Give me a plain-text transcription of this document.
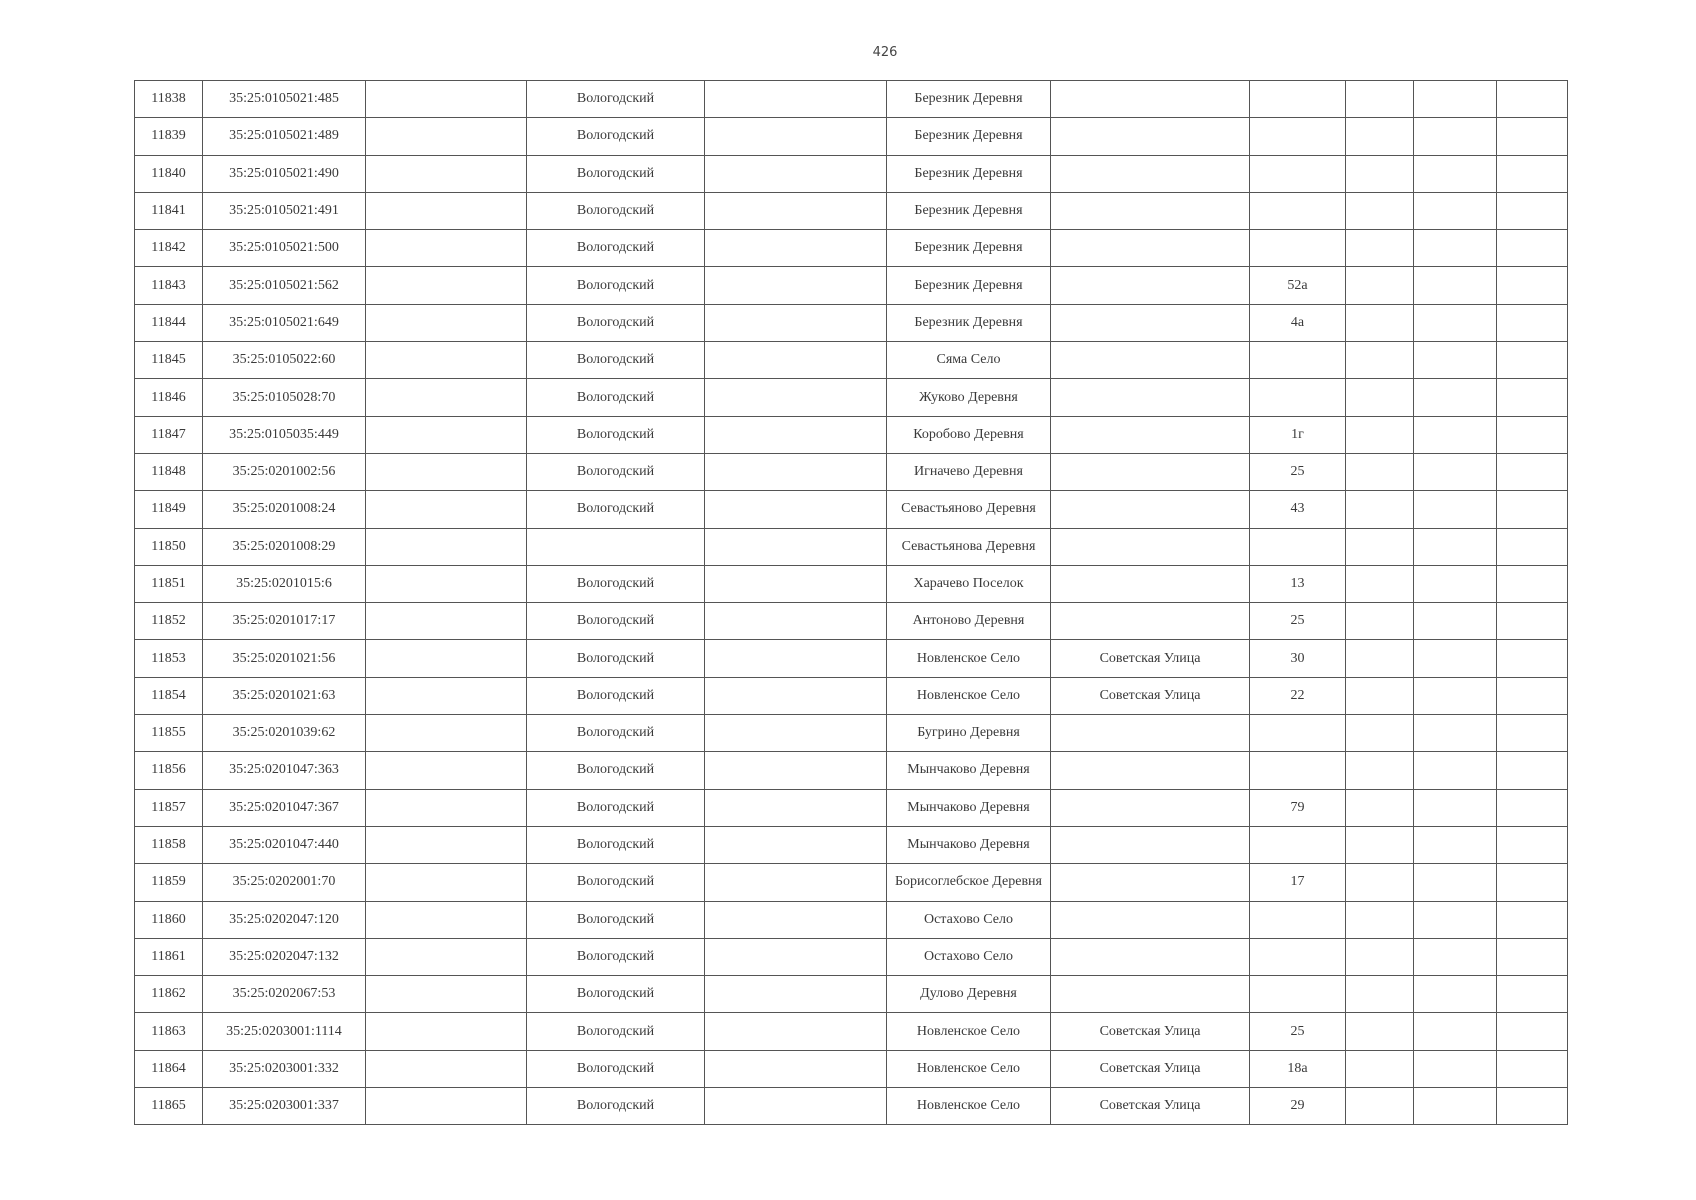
426
11838	35:25:0105021:485		Вологодский		Березник Деревня					
11839	35:25:0105021:489		Вологодский		Березник Деревня					
11840	35:25:0105021:490		Вологодский		Березник Деревня					
11841	35:25:0105021:491		Вологодский		Березник Деревня					
11842	35:25:0105021:500		Вологодский		Березник Деревня					
11843	35:25:0105021:562		Вологодский		Березник Деревня		52а			
11844	35:25:0105021:649		Вологодский		Березник Деревня		4а			
11845	35:25:0105022:60		Вологодский		Сяма Село					
11846	35:25:0105028:70		Вологодский		Жуково Деревня					
11847	35:25:0105035:449		Вологодский		Коробово Деревня		1г			
11848	35:25:0201002:56		Вологодский		Игначево Деревня		25			
11849	35:25:0201008:24		Вологодский		Севастьяново Деревня		43			
11850	35:25:0201008:29				Севастьянова Деревня					
11851	35:25:0201015:6		Вологодский		Харачево Поселок		13			
11852	35:25:0201017:17		Вологодский		Антоново Деревня		25			
11853	35:25:0201021:56		Вологодский		Новленское Село	Советская Улица	30			
11854	35:25:0201021:63		Вологодский		Новленское Село	Советская Улица	22			
11855	35:25:0201039:62		Вологодский		Бугрино Деревня					
11856	35:25:0201047:363		Вологодский		Мынчаково Деревня					
11857	35:25:0201047:367		Вологодский		Мынчаково Деревня		79			
11858	35:25:0201047:440		Вологодский		Мынчаково Деревня					
11859	35:25:0202001:70		Вологодский		Борисоглебское Деревня		17			
11860	35:25:0202047:120		Вологодский		Остахово Село					
11861	35:25:0202047:132		Вологодский		Остахово Село					
11862	35:25:0202067:53		Вологодский		Дулово Деревня					
11863	35:25:0203001:1114		Вологодский		Новленское Село	Советская Улица	25			
11864	35:25:0203001:332		Вологодский		Новленское Село	Советская Улица	18а			
11865	35:25:0203001:337		Вологодский		Новленское Село	Советская Улица	29			
